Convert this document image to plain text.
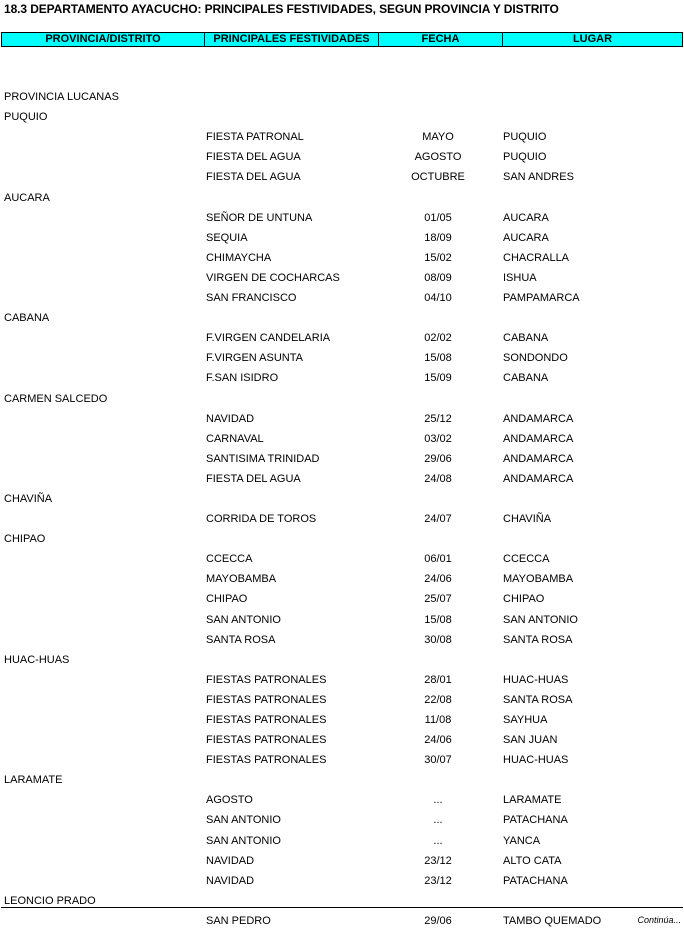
18.3 DEPARTAMENTO AYACUCHO: PRINCIPALES FESTIVIDADES, SEGUN PROVINCIA Y DISTRITO
PROVINCIA/DISTRITO	PRINCIPALES FESTIVIDADES	FECHA	LUGAR
PROVINCIA LUCANAS
PUQUIO
FIESTA PATRONAL	MAYO	PUQUIO
FIESTA DEL AGUA	AGOSTO	PUQUIO
FIESTA DEL AGUA	OCTUBRE	SAN ANDRES
AUCARA
SEÑOR DE UNTUNA	01/05	AUCARA
SEQUIA	18/09	AUCARA
CHIMAYCHA	15/02	CHACRALLA
VIRGEN DE COCHARCAS	08/09	ISHUA
SAN FRANCISCO	04/10	PAMPAMARCA
CABANA
F.VIRGEN CANDELARIA	02/02	CABANA
F.VIRGEN ASUNTA	15/08	SONDONDO
F.SAN ISIDRO	15/09	CABANA
CARMEN SALCEDO
NAVIDAD	25/12	ANDAMARCA
CARNAVAL	03/02	ANDAMARCA
SANTISIMA TRINIDAD	29/06	ANDAMARCA
FIESTA DEL AGUA	24/08	ANDAMARCA
CHAVIÑA
CORRIDA DE TOROS	24/07	CHAVIÑA
CHIPAO
CCECCA	06/01	CCECCA
MAYOBAMBA	24/06	MAYOBAMBA
CHIPAO	25/07	CHIPAO
SAN ANTONIO	15/08	SAN ANTONIO
SANTA ROSA	30/08	SANTA ROSA
HUAC-HUAS
FIESTAS PATRONALES	28/01	HUAC-HUAS
FIESTAS PATRONALES	22/08	SANTA ROSA
FIESTAS PATRONALES	11/08	SAYHUA
FIESTAS PATRONALES	24/06	SAN JUAN
FIESTAS PATRONALES	30/07	HUAC-HUAS
LARAMATE
AGOSTO	...	LARAMATE
SAN ANTONIO	...	PATACHANA
SAN ANTONIO	...	YANCA
NAVIDAD	23/12	ALTO CATA
NAVIDAD	23/12	PATACHANA
LEONCIO PRADO
SAN PEDRO	29/06	TAMBO QUEMADO	Continúa...
